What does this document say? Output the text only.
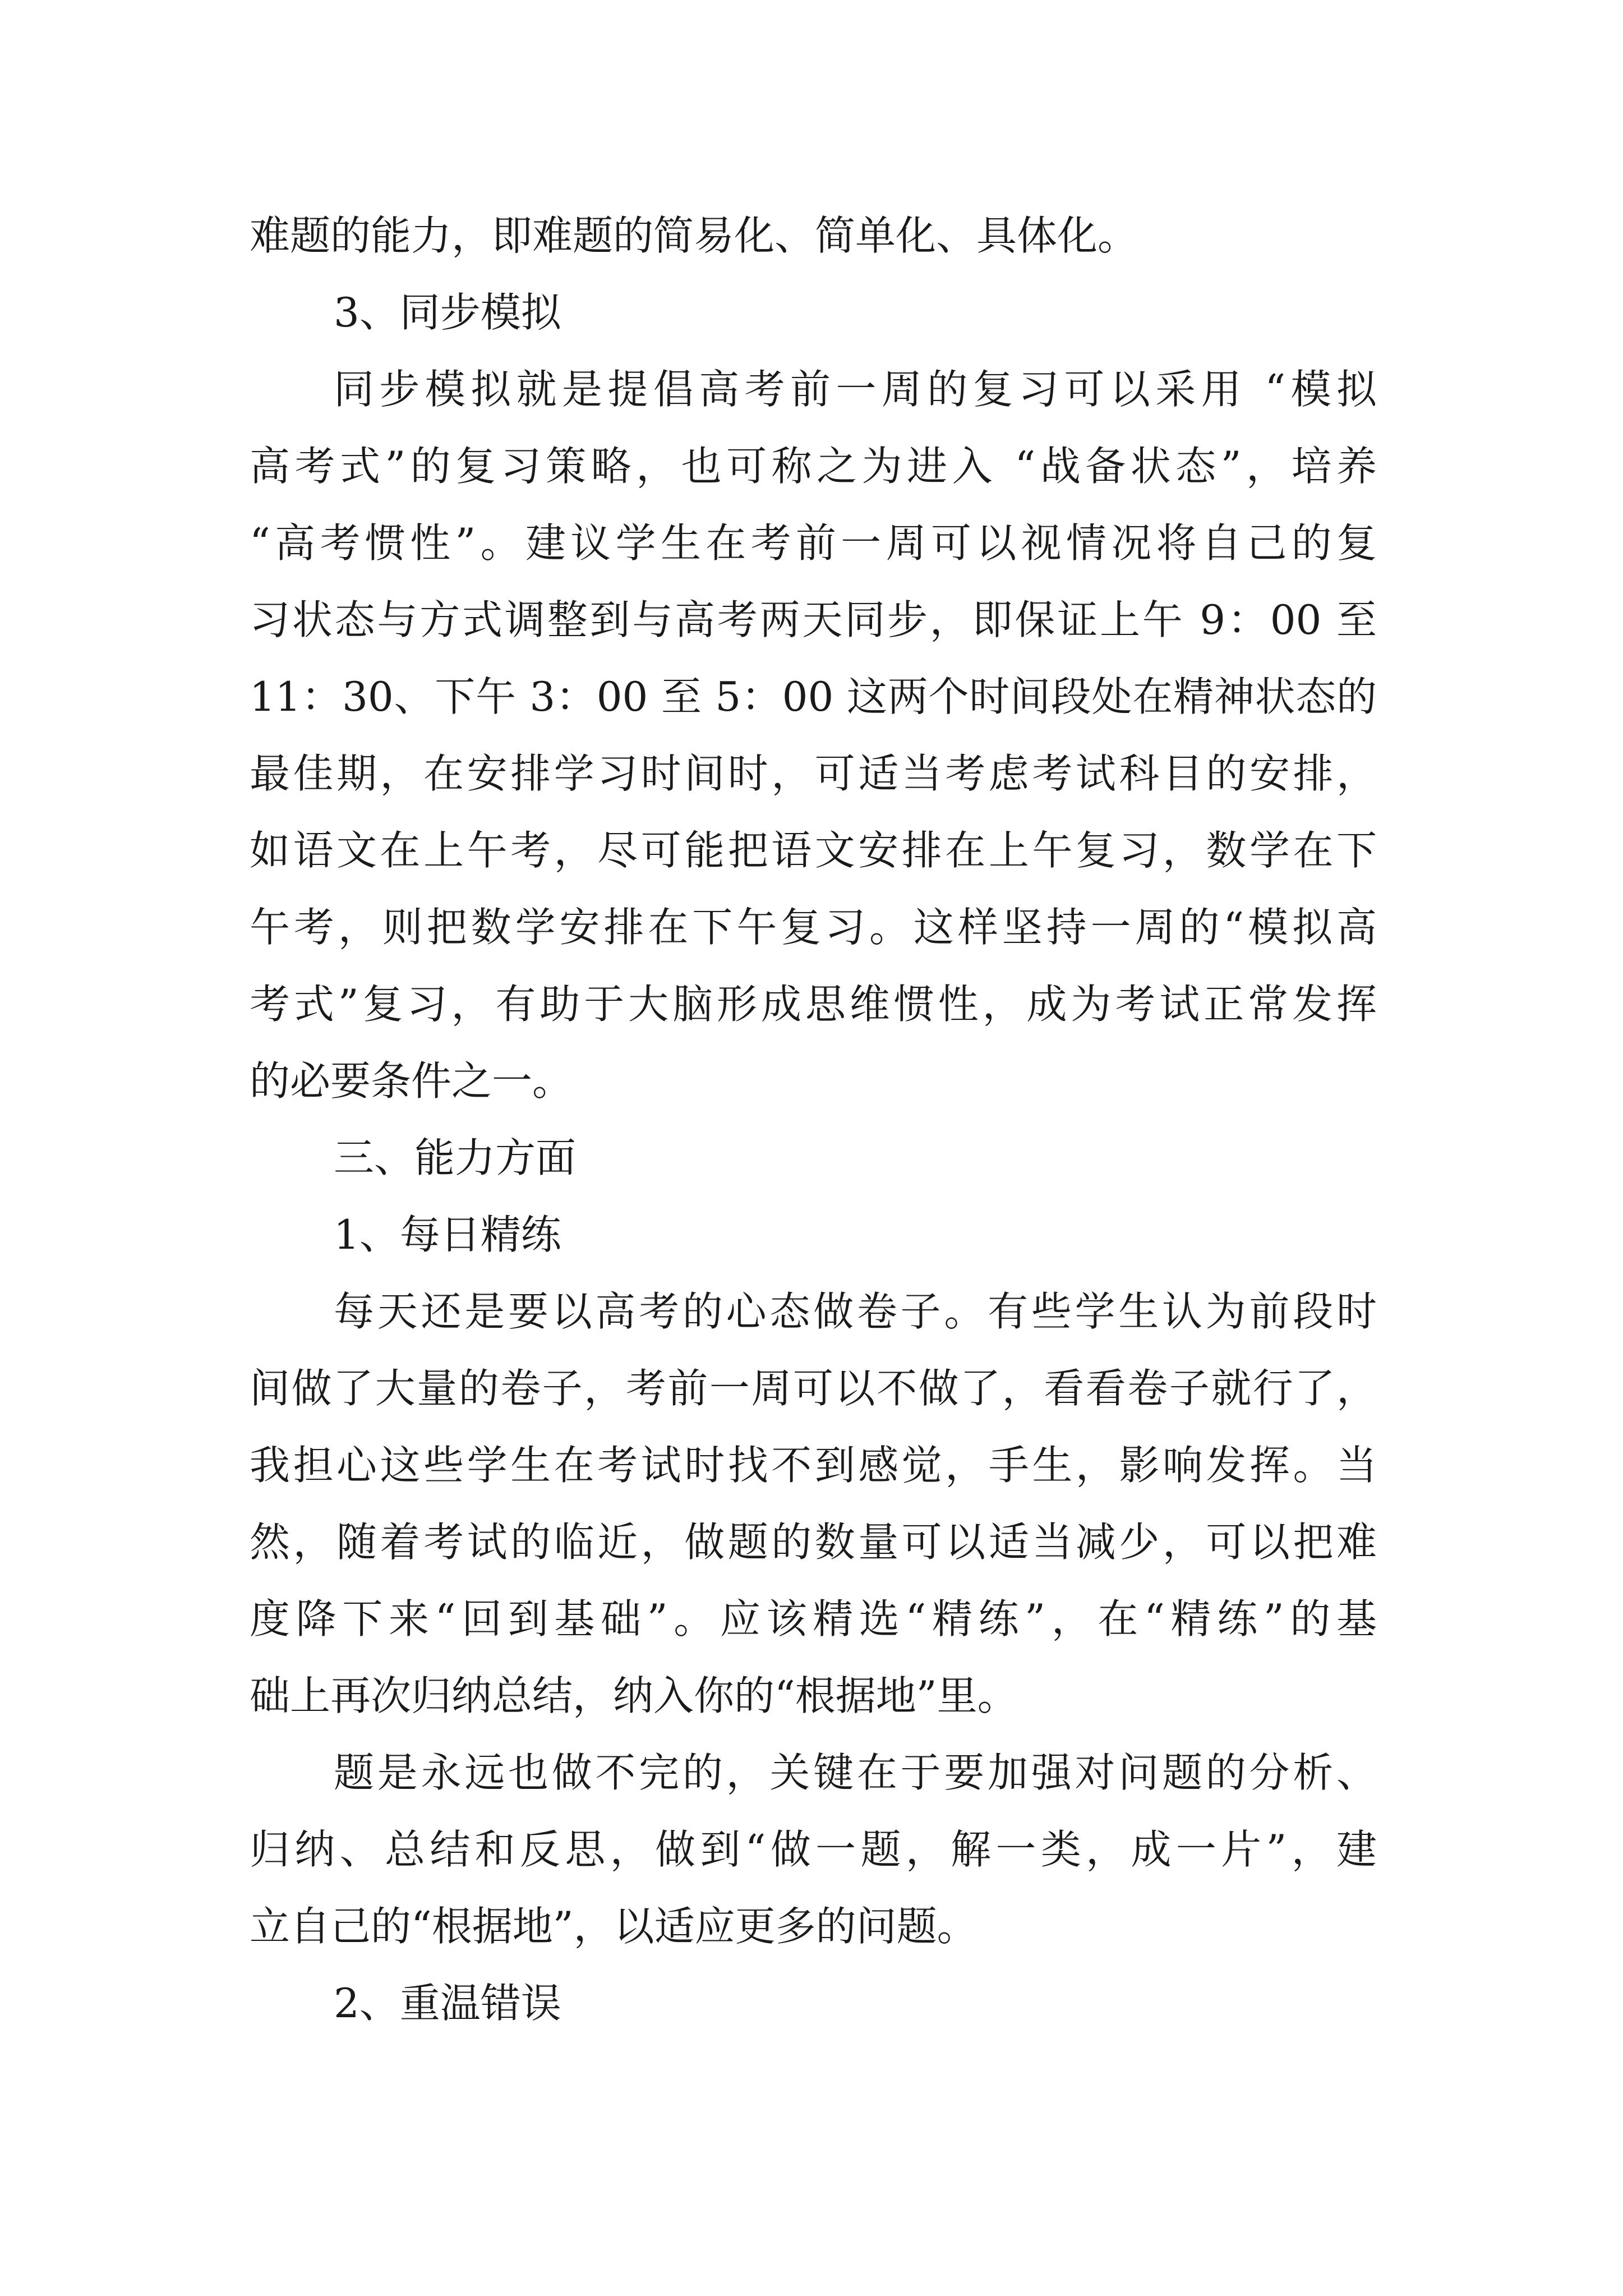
难题的能力，即难题的简易化、简单化、具体化。
3、同步模拟
同步模拟就是提倡高考前一周的复习可以采用 “模拟
高考式”的复习策略，也可称之为进入 “战备状态”，培养
“高考惯性”。建议学生在考前一周可以视情况将自己的复
习状态与方式调整到与高考两天同步，即保证上午 9：00 至
11：30、下午 3：00 至 5：00 这两个时间段处在精神状态的
最佳期，在安排学习时间时，可适当考虑考试科目的安排，
如语文在上午考，尽可能把语文安排在上午复习，数学在下
午考，则把数学安排在下午复习。这样坚持一周的“模拟高
考式”复习，有助于大脑形成思维惯性，成为考试正常发挥
的必要条件之一。
三、能力方面
1、每日精练
每天还是要以高考的心态做卷子。有些学生认为前段时
间做了大量的卷子，考前一周可以不做了，看看卷子就行了，
我担心这些学生在考试时找不到感觉，手生，影响发挥。当
然，随着考试的临近，做题的数量可以适当减少，可以把难
度降下来“回到基础”。应该精选“精练”，在“精练”的基
础上再次归纳总结，纳入你的“根据地”里。
题是永远也做不完的，关键在于要加强对问题的分析、
归纳、总结和反思，做到“做一题，解一类，成一片”，建
立自己的“根据地”，以适应更多的问题。
2、重温错误
